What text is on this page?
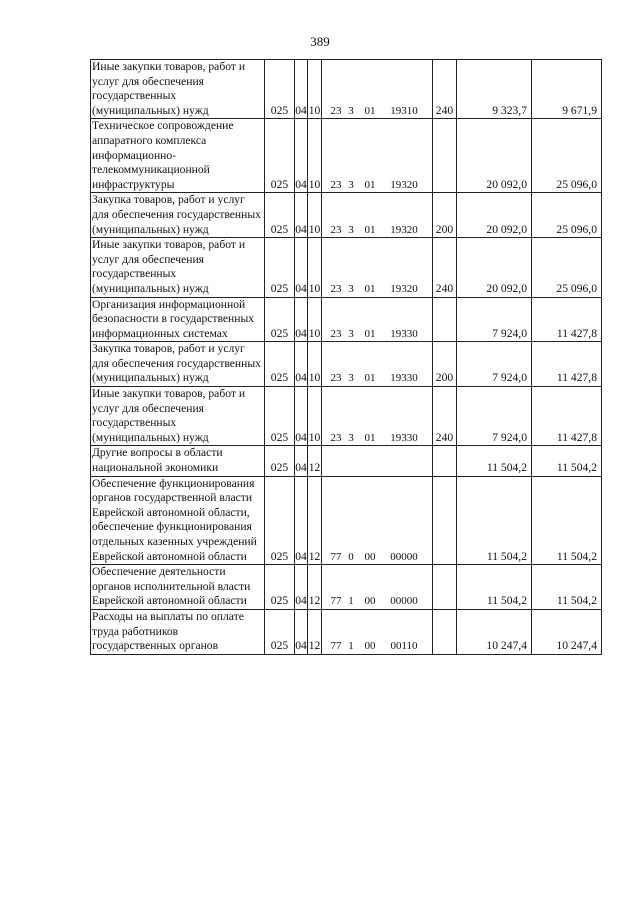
389
Иные закупки товаров, работ и услуг для обеспечения государственных (муниципальных) нужд	025	04	10	23 3 01 19310	240	9 323,7	9 671,9
Техническое сопровождение аппаратного комплекса информационно-телекоммуникационной инфраструктуры	025	04	10	23 3 01 19320		20 092,0	25 096,0
Закупка товаров, работ и услуг для обеспечения государственных (муниципальных) нужд	025	04	10	23 3 01 19320	200	20 092,0	25 096,0
Иные закупки товаров, работ и услуг для обеспечения государственных (муниципальных) нужд	025	04	10	23 3 01 19320	240	20 092,0	25 096,0
Организация информационной безопасности в государственных информационных системах	025	04	10	23 3 01 19330		7 924,0	11 427,8
Закупка товаров, работ и услуг для обеспечения государственных (муниципальных) нужд	025	04	10	23 3 01 19330	200	7 924,0	11 427,8
Иные закупки товаров, работ и услуг для обеспечения государственных (муниципальных) нужд	025	04	10	23 3 01 19330	240	7 924,0	11 427,8
Другие вопросы в области национальной экономики	025	04	12			11 504,2	11 504,2
Обеспечение функционирования органов государственной власти Еврейской автономной области, обеспечение функционирования отдельных казенных учреждений Еврейской автономной области	025	04	12	77 0 00 00000		11 504,2	11 504,2
Обеспечение деятельности органов исполнительной власти Еврейской автономной области	025	04	12	77 1 00 00000		11 504,2	11 504,2
Расходы на выплаты по оплате труда работников государственных органов	025	04	12	77 1 00 00110		10 247,4	10 247,4
